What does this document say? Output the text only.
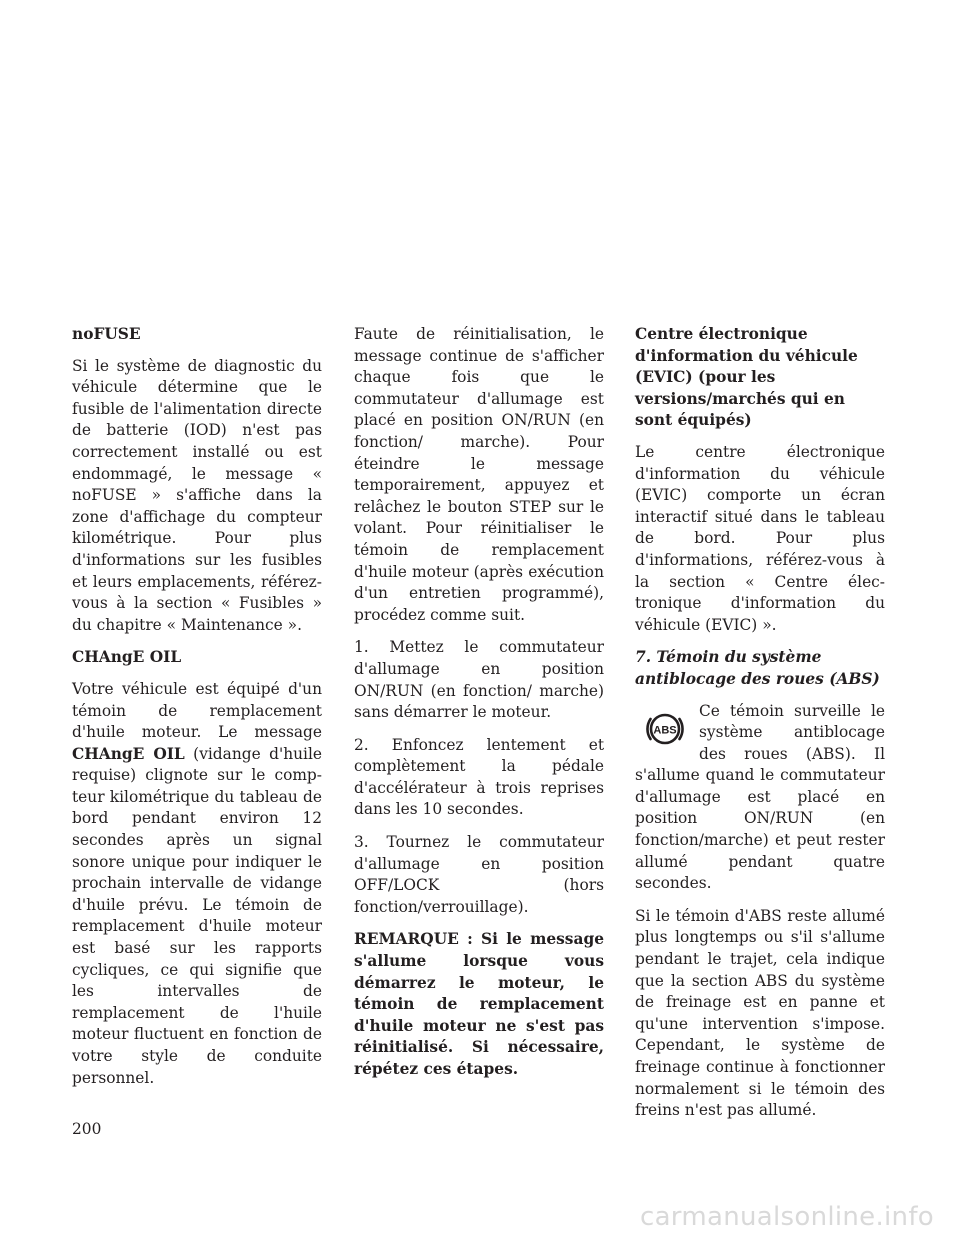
noFUSE

Si le système de diagnostic du véhicule détermine que le fusible de l'alimentation directe de batterie (IOD) n'est pas correctement installé ou est endommagé, le message « noFUSE » s'affiche dans la zone d'affichage du compteur kilométrique. Pour plus d'informations sur les fusibles et leurs emplacements, référez-vous à la section « Fusibles » du chapitre « Maintenance ».

CHAngE OIL

Votre véhicule est équipé d'un témoin de remplacement d'huile moteur. Le message CHAngE OIL (vidange d'huile requise) clignote sur le compteur kilométrique du tableau de bord pendant environ 12 secondes après un signal sonore unique pour indiquer le prochain intervalle de vidange d'huile prévu. Le témoin de remplacement d'huile moteur est basé sur les rapports cycliques, ce qui signifie que les intervalles de remplacement de l'huile moteur fluctuent en fonction de votre style de conduite personnel.

Faute de réinitialisation, le message continue de s'afficher chaque fois que le commutateur d'allumage est placé en position ON/RUN (en fonction/ marche). Pour éteindre le message temporairement, appuyez et relâchez le bouton STEP sur le volant. Pour réinitialiser le témoin de remplacement d'huile moteur (après exécution d'un entretien programmé), procédez comme suit.

1. Mettez le commutateur d'allumage en position ON/RUN (en fonction/ marche) sans démarrer le moteur.

2. Enfoncez lentement et complètement la pédale d'accélérateur à trois reprises dans les 10 secondes.

3. Tournez le commutateur d'allumage en position OFF/LOCK (hors fonction/verrouillage).

REMARQUE : Si le message s'allume lorsque vous démarrez le moteur, le témoin de remplacement d'huile moteur ne s'est pas réinitialisé. Si nécessaire, répétez ces étapes.

Centre électronique d'information du véhicule (EVIC) (pour les versions/marchés qui en sont équipés)

Le centre électronique d'information du véhicule (EVIC) comporte un écran interactif situé dans le tableau de bord. Pour plus d'informations, référez-vous à la section « Centre électronique d'information du véhicule (EVIC) ».

7. Témoin du système antiblocage des roues (ABS)
ABS

Ce témoin surveille le système antiblocage des roues (ABS). Il s'allume quand le commutateur d'allumage est placé en position ON/RUN (en fonction/marche) et peut rester allumé pendant quatre secondes.

Si le témoin d'ABS reste allumé plus longtemps ou s'il s'allume pendant le trajet, cela indique que la section ABS du système de freinage est en panne et qu'une intervention s'impose. Cependant, le système de freinage continue à fonctionner normalement si le témoin des freins n'est pas allumé.

200
carmanualsonline.info
